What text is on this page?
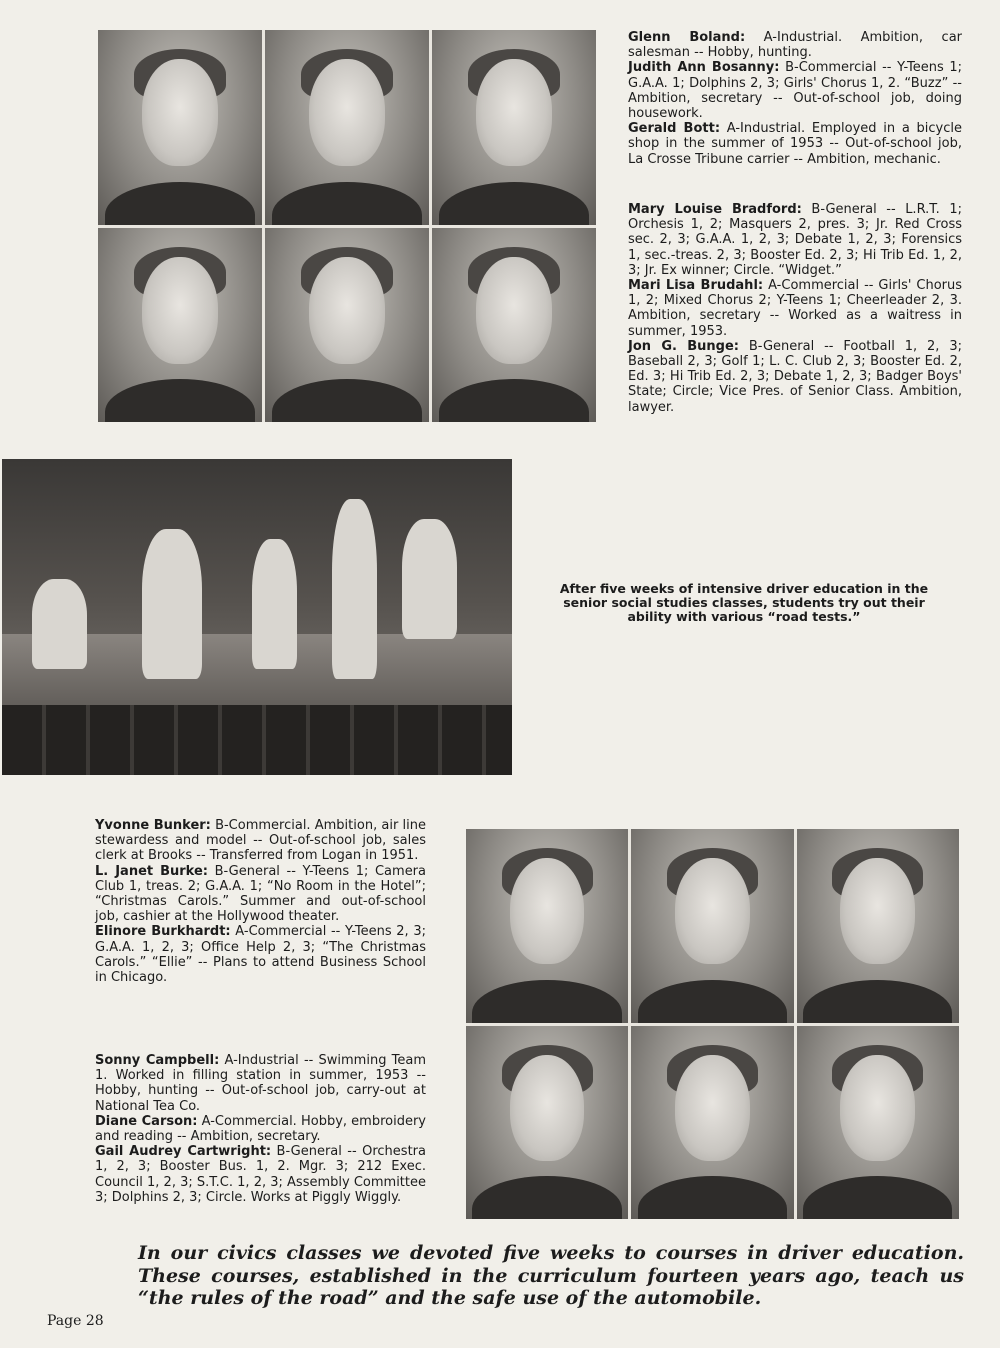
Glenn Boland: A-Industrial. Ambition, car salesman -- Hobby, hunting.

Judith Ann Bosanny: B-Commercial -- Y-Teens 1; G.A.A. 1; Dolphins 2, 3; Girls' Chorus 1, 2. “Buzz” -- Ambition, secretary -- Out-of-school job, doing housework.

Gerald Bott: A-Industrial. Employed in a bicycle shop in the summer of 1953 -- Out-of-school job, La Crosse Tribune carrier -- Ambition, mechanic.

Mary Louise Bradford: B-General -- L.R.T. 1; Orchesis 1, 2; Masquers 2, pres. 3; Jr. Red Cross sec. 2, 3; G.A.A. 1, 2, 3; Debate 1, 2, 3; Forensics 1, sec.-treas. 2, 3; Booster Ed. 2, 3; Hi Trib Ed. 1, 2, 3; Jr. Ex winner; Circle. “Widget.”

Mari Lisa Brudahl: A-Commercial -- Girls' Chorus 1, 2; Mixed Chorus 2; Y-Teens 1; Cheerleader 2, 3. Ambition, secretary -- Worked as a waitress in summer, 1953.

Jon G. Bunge: B-General -- Football 1, 2, 3; Baseball 2, 3; Golf 1; L. C. Club 2, 3; Booster Ed. 2, Ed. 3; Hi Trib Ed. 2, 3; Debate 1, 2, 3; Badger Boys' State; Circle; Vice Pres. of Senior Class. Ambition, lawyer.

After five weeks of intensive driver education in the senior social studies classes, students try out their ability with various “road tests.”

Yvonne Bunker: B-Commercial. Ambition, air line stewardess and model -- Out-of-school job, sales clerk at Brooks -- Transferred from Logan in 1951.

L. Janet Burke: B-General -- Y-Teens 1; Camera Club 1, treas. 2; G.A.A. 1; “No Room in the Hotel”; “Christmas Carols.” Summer and out-of-school job, cashier at the Hollywood theater.

Elinore Burkhardt: A-Commercial -- Y-Teens 2, 3; G.A.A. 1, 2, 3; Office Help 2, 3; “The Christmas Carols.” “Ellie” -- Plans to attend Business School in Chicago.

Sonny Campbell: A-Industrial -- Swimming Team 1. Worked in filling station in summer, 1953 -- Hobby, hunting -- Out-of-school job, carry-out at National Tea Co.

Diane Carson: A-Commercial. Hobby, embroidery and reading -- Ambition, secretary.

Gail Audrey Cartwright: B-General -- Orchestra 1, 2, 3; Booster Bus. 1, 2. Mgr. 3; 212 Exec. Council 1, 2, 3; S.T.C. 1, 2, 3; Assembly Committee 3; Dolphins 2, 3; Circle. Works at Piggly Wiggly.

In our civics classes we devoted five weeks to courses in driver education. These courses, established in the curriculum fourteen years ago, teach us “the rules of the road” and the safe use of the automobile.
Page 28
